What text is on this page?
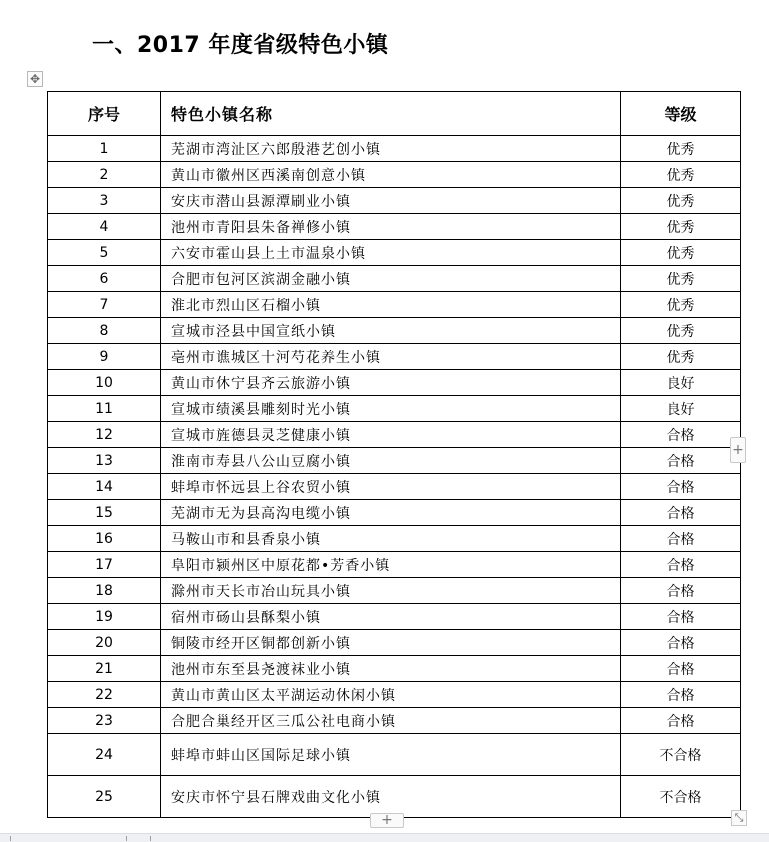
一、2017 年度省级特色小镇
✥
序号	特色小镇名称	等级
1	芜湖市湾沚区六郎殷港艺创小镇	优秀
2	黄山市徽州区西溪南创意小镇	优秀
3	安庆市潜山县源潭刷业小镇	优秀
4	池州市青阳县朱备禅修小镇	优秀
5	六安市霍山县上土市温泉小镇	优秀
6	合肥市包河区滨湖金融小镇	优秀
7	淮北市烈山区石榴小镇	优秀
8	宣城市泾县中国宣纸小镇	优秀
9	亳州市谯城区十河芍花养生小镇	优秀
10	黄山市休宁县齐云旅游小镇	良好
11	宣城市绩溪县雕刻时光小镇	良好
12	宣城市旌德县灵芝健康小镇	合格
13	淮南市寿县八公山豆腐小镇	合格
14	蚌埠市怀远县上谷农贸小镇	合格
15	芜湖市无为县高沟电缆小镇	合格
16	马鞍山市和县香泉小镇	合格
17	阜阳市颍州区中原花都•芳香小镇	合格
18	滁州市天长市冶山玩具小镇	合格
19	宿州市砀山县酥梨小镇	合格
20	铜陵市经开区铜都创新小镇	合格
21	池州市东至县尧渡袜业小镇	合格
22	黄山市黄山区太平湖运动休闲小镇	合格
23	合肥合巢经开区三瓜公社电商小镇	合格
24	蚌埠市蚌山区国际足球小镇	不合格
25	安庆市怀宁县石牌戏曲文化小镇	不合格
+
+	⤡
